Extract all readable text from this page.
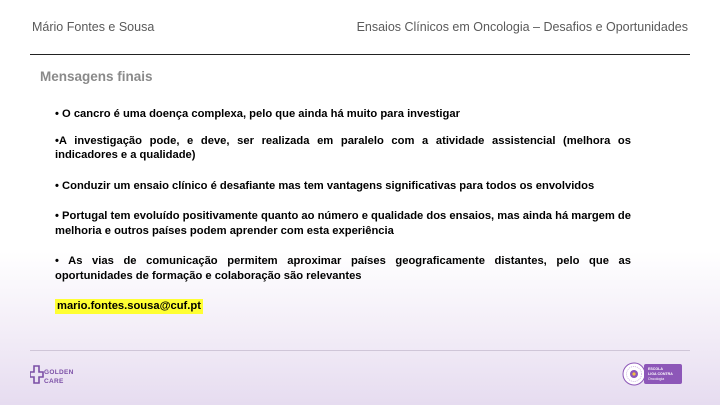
Mário Fontes e Sousa	Ensaios Clínicos em Oncologia – Desafios e Oportunidades
Mensagens finais

• O cancro é uma doença complexa, pelo que ainda há muito para investigar

•A investigação pode, e deve, ser realizada em paralelo com a atividade assistencial (melhora os indicadores e a qualidade)

• Conduzir um ensaio clínico é desafiante mas tem vantagens significativas para todos os envolvidos

• Portugal tem evoluído positivamente quanto ao número e qualidade dos ensaios, mas ainda há margem de melhoria e outros países podem aprender com esta experiência

• As vias de comunicação permitem aproximar países geograficamente distantes, pelo que as oportunidades de formação e colaboração são relevantes

mario.fontes.sousa@cuf.pt

GOLDEN
CARE
ESCOLA
LIGA CONTRA
Oncologia
